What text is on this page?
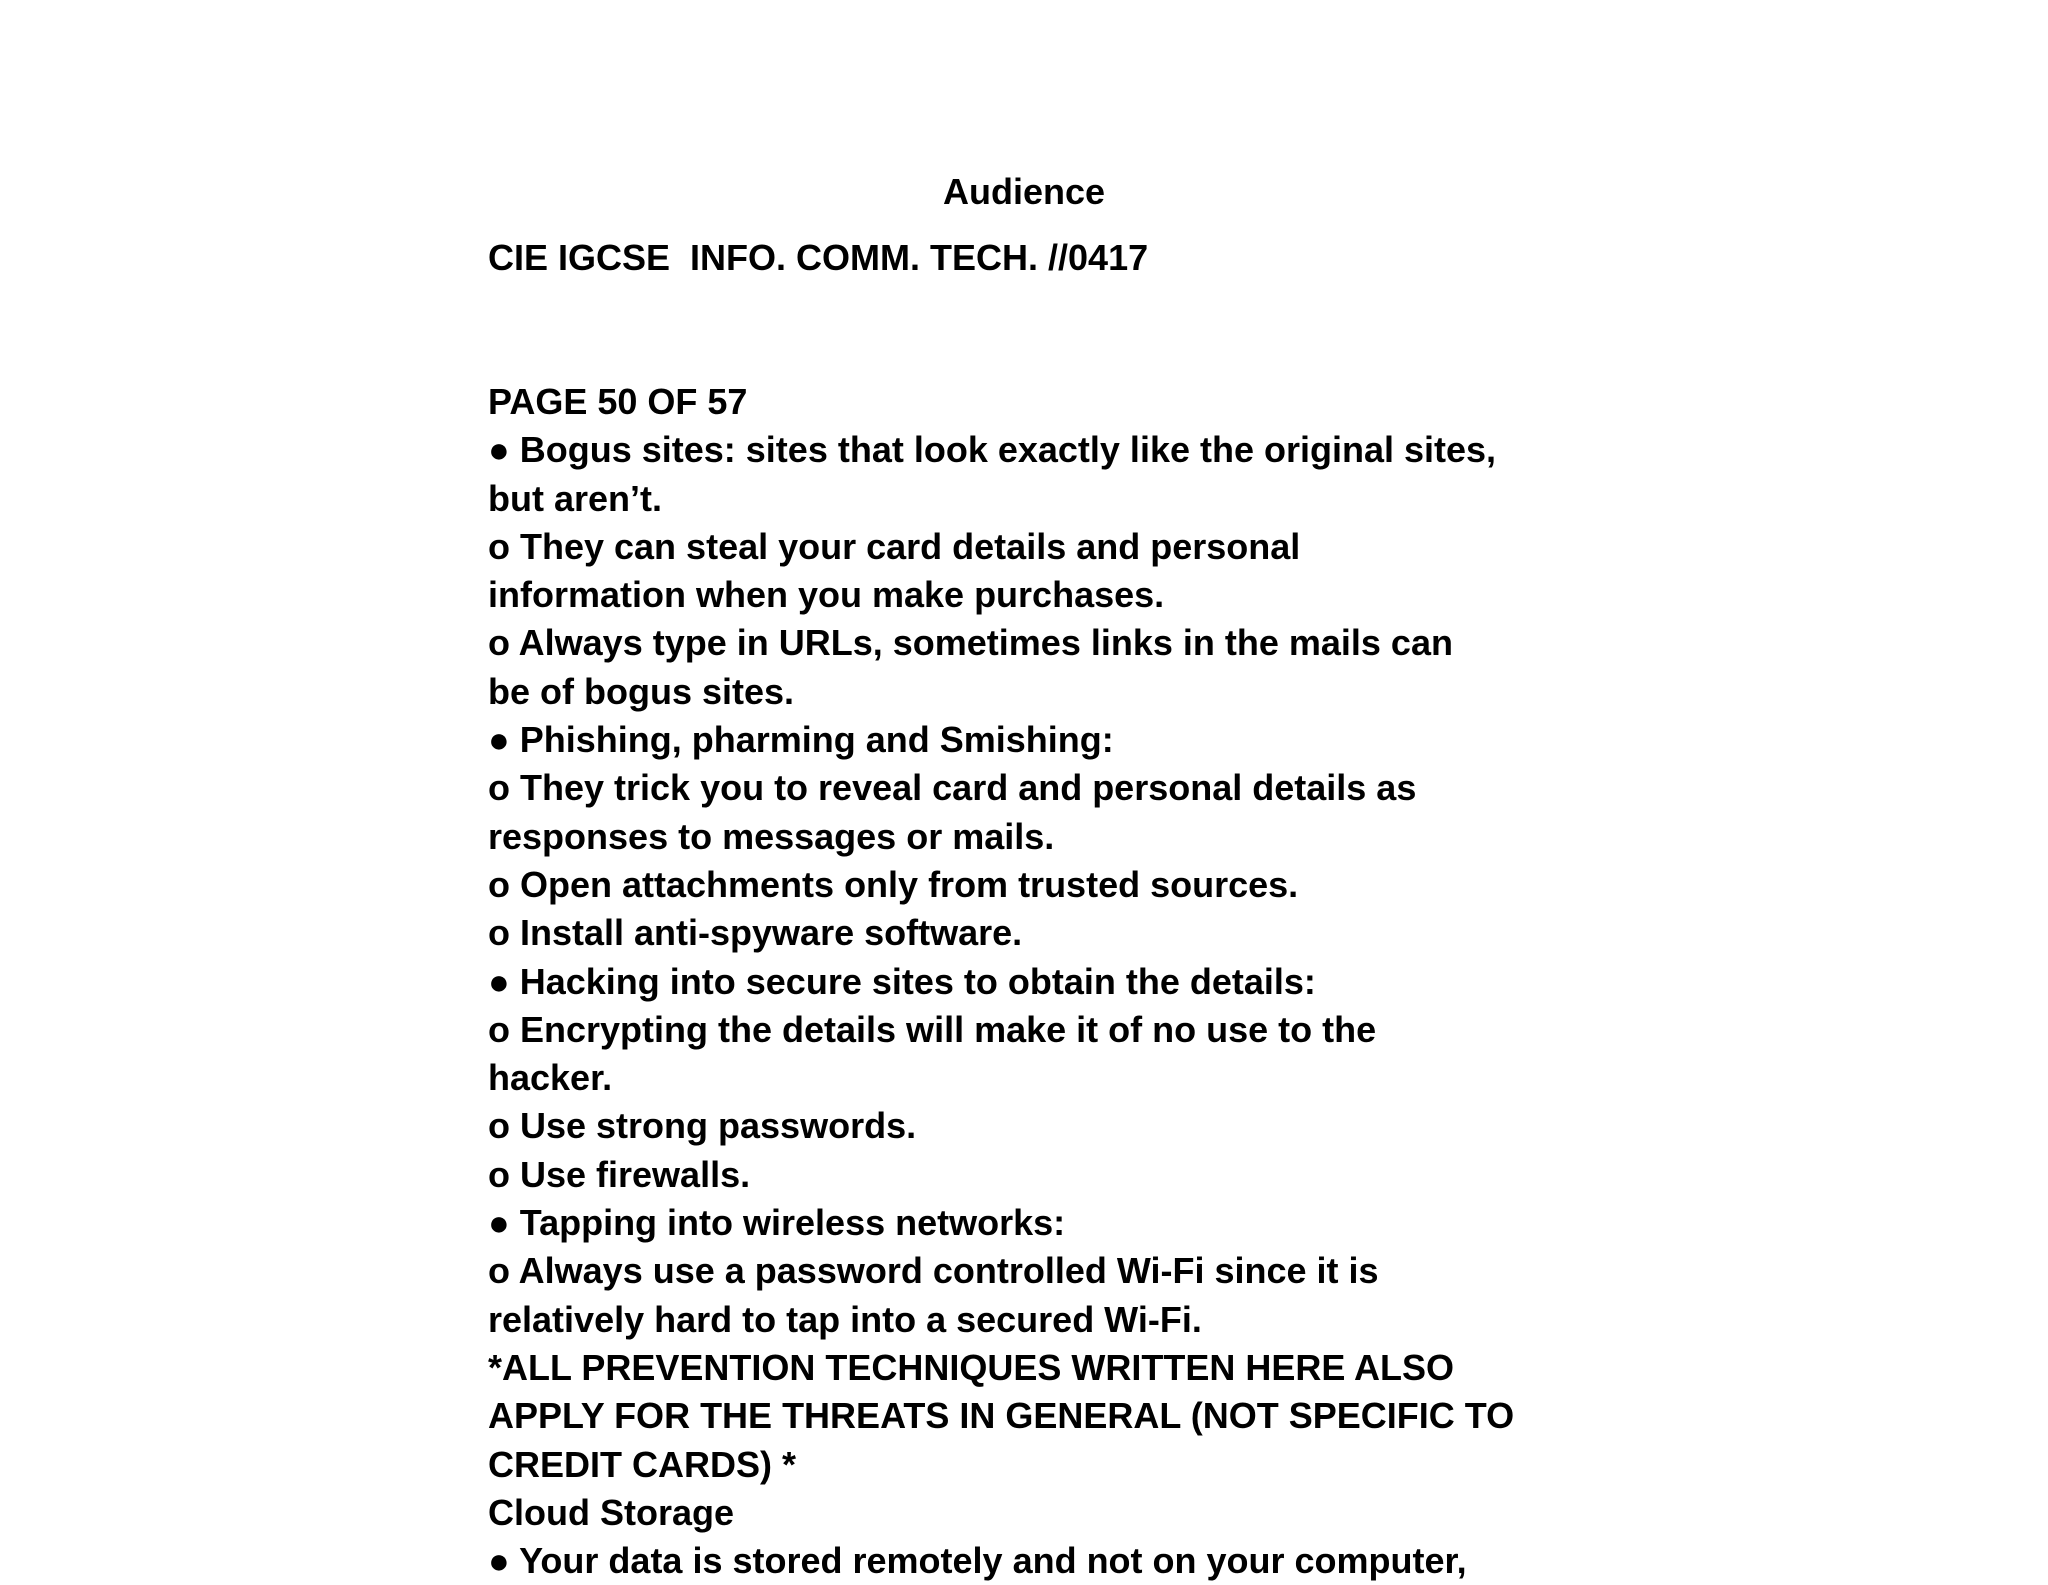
Audience
CIE IGCSE  INFO. COMM. TECH. //0417
PAGE 50 OF 57
● Bogus sites: sites that look exactly like the original sites,
but aren’t.
o They can steal your card details and personal
information when you make purchases.
o Always type in URLs, sometimes links in the mails can
be of bogus sites.
● Phishing, pharming and Smishing:
o They trick you to reveal card and personal details as
responses to messages or mails.
o Open attachments only from trusted sources.
o Install anti-spyware software.
● Hacking into secure sites to obtain the details:
o Encrypting the details will make it of no use to the
hacker.
o Use strong passwords.
o Use firewalls.
● Tapping into wireless networks:
o Always use a password controlled Wi-Fi since it is
relatively hard to tap into a secured Wi-Fi.
*ALL PREVENTION TECHNIQUES WRITTEN HERE ALSO
APPLY FOR THE THREATS IN GENERAL (NOT SPECIFIC TO
CREDIT CARDS) *
Cloud Storage
● Your data is stored remotely and not on your computer,
